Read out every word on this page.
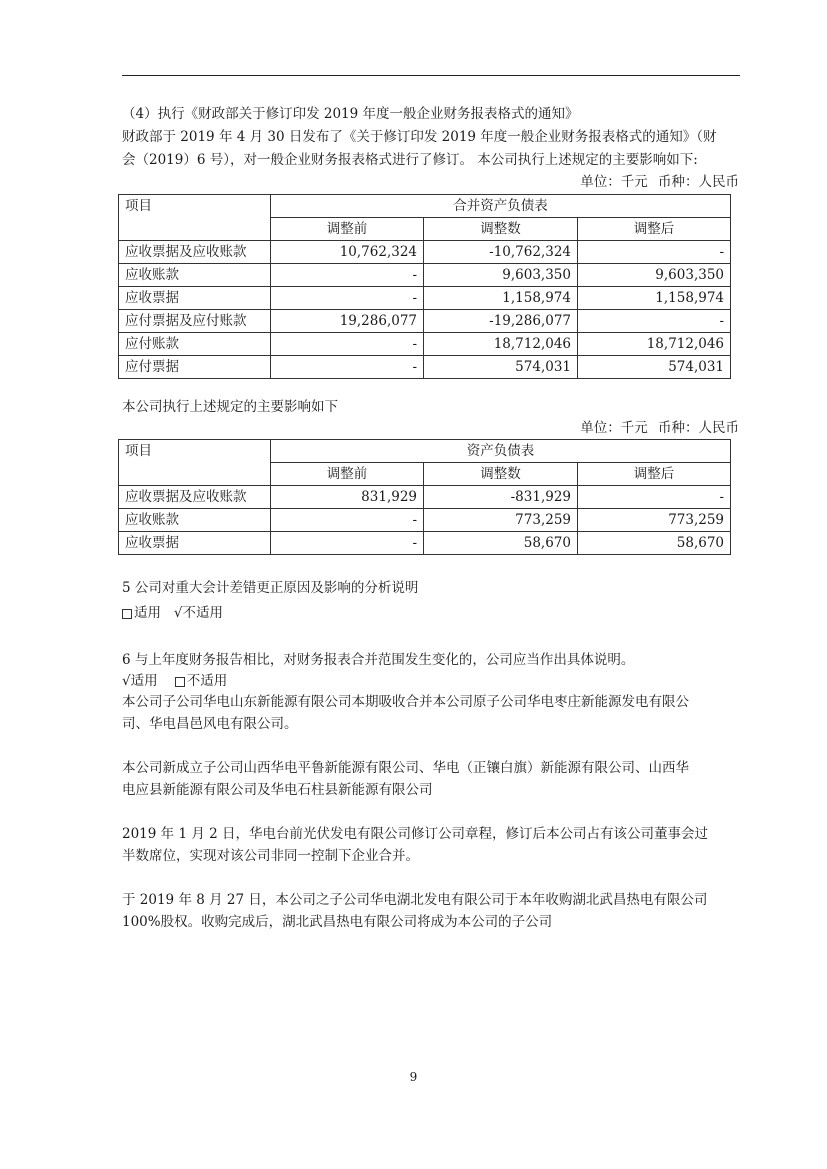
（4）执行《财政部关于修订印发 2019 年度一般企业财务报表格式的通知》
财政部于 2019 年 4 月 30 日发布了《关于修订印发 2019 年度一般企业财务报表格式的通知》（财
会（2019）6 号），对一般企业财务报表格式进行了修订。 本公司执行上述规定的主要影响如下:
单位：千元 币种：人民币
项目	合并资产负债表		
	调整前	调整数	调整后
应收票据及应收账款	10,762,324	-10,762,324	-
应收账款	-	9,603,350	9,603,350
应收票据	-	1,158,974	1,158,974
应付票据及应付账款	19,286,077	-19,286,077	-
应付账款	-	18,712,046	18,712,046
应付票据	-	574,031	574,031
本公司执行上述规定的主要影响如下
单位：千元 币种：人民币
项目	资产负债表		
	调整前	调整数	调整后
应收票据及应收账款	831,929	-831,929	-
应收账款	-	773,259	773,259
应收票据	-	58,670	58,670
5 公司对重大会计差错更正原因及影响的分析说明
适用 √不适用
6 与上年度财务报告相比，对财务报表合并范围发生变化的，公司应当作出具体说明。
√适用 不适用
本公司子公司华电山东新能源有限公司本期吸收合并本公司原子公司华电枣庄新能源发电有限公
司、华电昌邑风电有限公司。
本公司新成立子公司山西华电平鲁新能源有限公司、华电（正镶白旗）新能源有限公司、山西华
电应县新能源有限公司及华电石柱县新能源有限公司
2019 年 1 月 2 日，华电台前光伏发电有限公司修订公司章程，修订后本公司占有该公司董事会过
半数席位，实现对该公司非同一控制下企业合并。
于 2019 年 8 月 27 日，本公司之子公司华电湖北发电有限公司于本年收购湖北武昌热电有限公司
100%股权。收购完成后，湖北武昌热电有限公司将成为本公司的子公司
9
